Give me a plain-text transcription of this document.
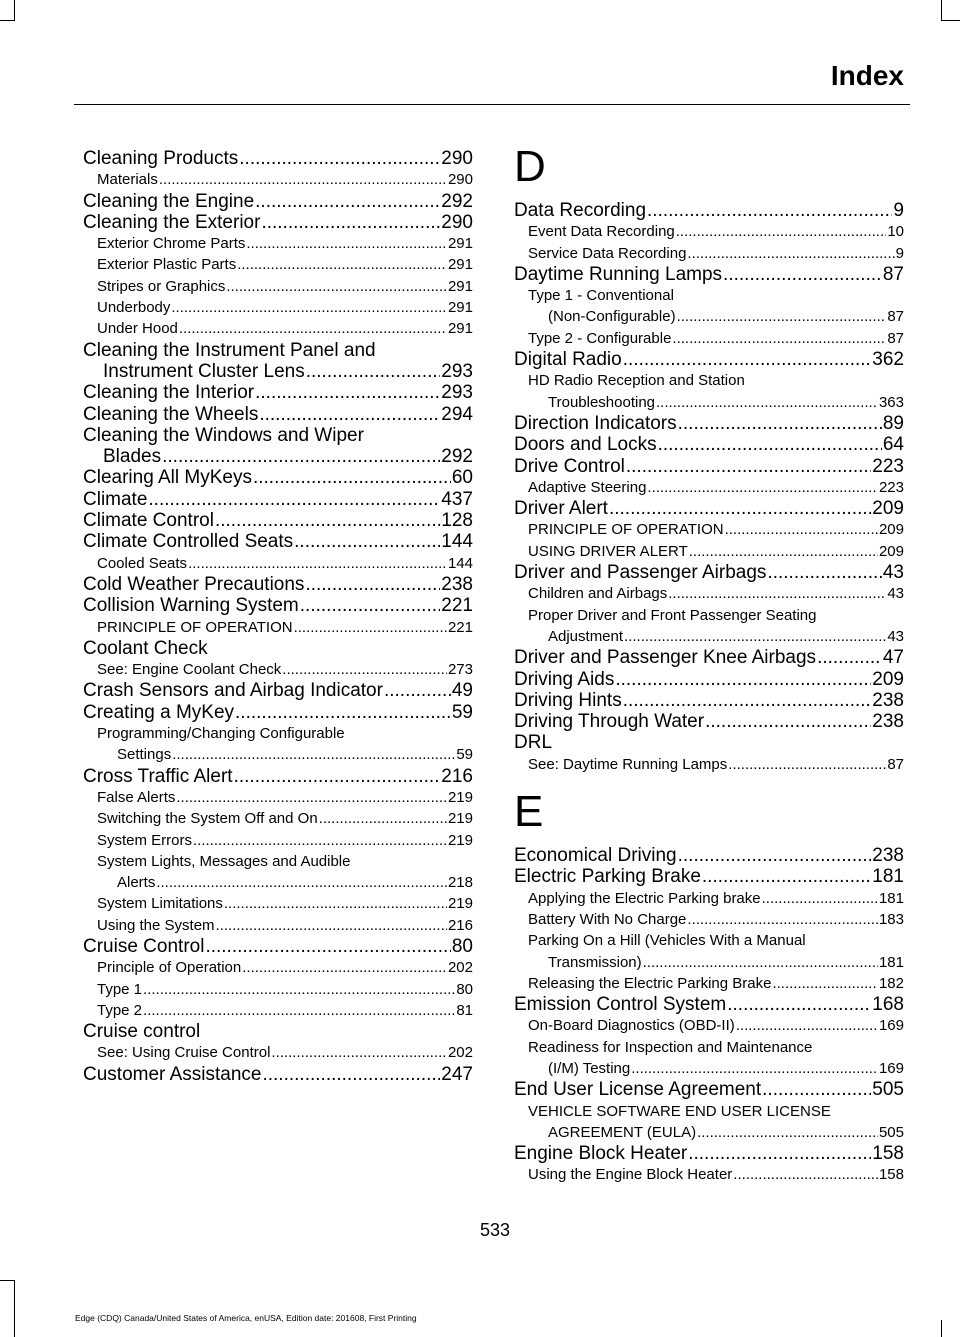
Index
Cleaning Products .....	290
Materials .....	290
Cleaning the Engine .....	292
Cleaning the Exterior .....	290
Exterior Chrome Parts .....	291
Exterior Plastic Parts .....	291
Stripes or Graphics .....	291
Underbody .....	291
Under Hood .....	291
Cleaning the Instrument Panel and
Instrument Cluster Lens .....	293
Cleaning the Interior .....	293
Cleaning the Wheels .....	294
Cleaning the Windows and Wiper
Blades .....	292
Clearing All MyKeys .....	60
Climate .....	437
Climate Control .....	128
Climate Controlled Seats .....	144
Cooled Seats .....	144
Cold Weather Precautions .....	238
Collision Warning System .....	221
PRINCIPLE OF OPERATION .....	221
Coolant Check
See: Engine Coolant Check .....	273
Crash Sensors and Airbag Indicator .....	49
Creating a MyKey .....	59
Programming/Changing Configurable
Settings .....	59
Cross Traffic Alert .....	216
False Alerts .....	219
Switching the System Off and On .....	219
System Errors .....	219
System Lights, Messages and Audible
Alerts .....	218
System Limitations .....	219
Using the System .....	216
Cruise Control .....	80
Principle of Operation .....	202
Type 1 .....	80
Type 2 .....	81
Cruise control
See: Using Cruise Control .....	202
Customer Assistance .....	247
D
Data Recording .....	9
Event Data Recording .....	10
Service Data Recording .....	9
Daytime Running Lamps .....	87
Type 1 - Conventional
(Non-Configurable) .....	87
Type 2 - Configurable .....	87
Digital Radio .....	362
HD Radio Reception and Station
Troubleshooting .....	363
Direction Indicators .....	89
Doors and Locks .....	64
Drive Control .....	223
Adaptive Steering .....	223
Driver Alert .....	209
PRINCIPLE OF OPERATION .....	209
USING DRIVER ALERT .....	209
Driver and Passenger Airbags .....	43
Children and Airbags .....	43
Proper Driver and Front Passenger Seating
Adjustment .....	43
Driver and Passenger Knee Airbags .....	47
Driving Aids .....	209
Driving Hints .....	238
Driving Through Water .....	238
DRL
See: Daytime Running Lamps .....	87
E
Economical Driving .....	238
Electric Parking Brake .....	181
Applying the Electric Parking brake .....	181
Battery With No Charge .....	183
Parking On a Hill (Vehicles With a Manual
Transmission) .....	181
Releasing the Electric Parking Brake .....	182
Emission Control System .....	168
On-Board Diagnostics (OBD-II) .....	169
Readiness for Inspection and Maintenance
(I/M) Testing .....	169
End User License Agreement .....	505
VEHICLE SOFTWARE END USER LICENSE
AGREEMENT (EULA) .....	505
Engine Block Heater .....	158
Using the Engine Block Heater .....	158
533
Edge (CDQ) Canada/United States of America, enUSA, Edition date: 201608, First Printing
